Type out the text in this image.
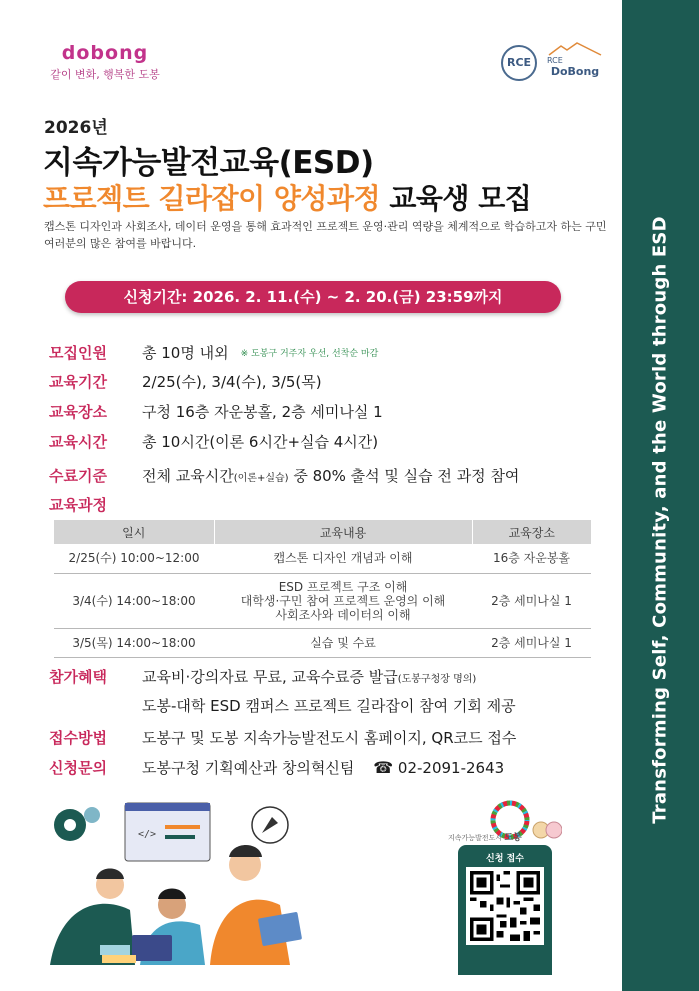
Transforming Self, Community, and the World through ESD
dobong
같이 변화, 행복한 도봉
RCE	RCE
DoBong
2026년
지속가능발전교육(ESD)
프로젝트 길라잡이 양성과정 교육생 모집
캡스톤 디자인과 사회조사, 데이터 운영을 통해 효과적인 프로젝트 운영·관리 역량을 체계적으로 학습하고자 하는 구민 여러분의 많은 참여를 바랍니다.
신청기간: 2026. 2. 11.(수) ~ 2. 20.(금) 23:59까지
모집인원	총 10명 내외 ※ 도봉구 거주자 우선, 선착순 마감
교육기간	2/25(수), 3/4(수), 3/5(목)
교육장소	구청 16층 자운봉홀, 2층 세미나실 1
교육시간	총 10시간(이론 6시간+실습 4시간)
수료기준	전체 교육시간(이론+실습) 중 80% 출석 및 실습 전 과정 참여
교육과정
일시	교육내용	교육장소
2/25(수) 10:00~12:00	캡스톤 디자인 개념과 이해	16층 자운봉홀
3/4(수) 14:00~18:00	ESD 프로젝트 구조 이해
대학생·구민 참여 프로젝트 운영의 이해
사회조사와 데이터의 이해	2층 세미나실 1
3/5(목) 14:00~18:00	실습 및 수료	2층 세미나실 1
참가혜택	교육비·강의자료 무료, 교육수료증 발급(도봉구청장 명의)
도봉-대학 ESD 캠퍼스 프로젝트 길라잡이 참여 기회 제공
접수방법	도봉구 및 도봉 지속가능발전도시 홈페이지, QR코드 접수
신청문의	도봉구청 기획예산과 창의혁신팀 ☎ 02-2091-2643
</>	지속가능발전도시 도봉
신청 접수
